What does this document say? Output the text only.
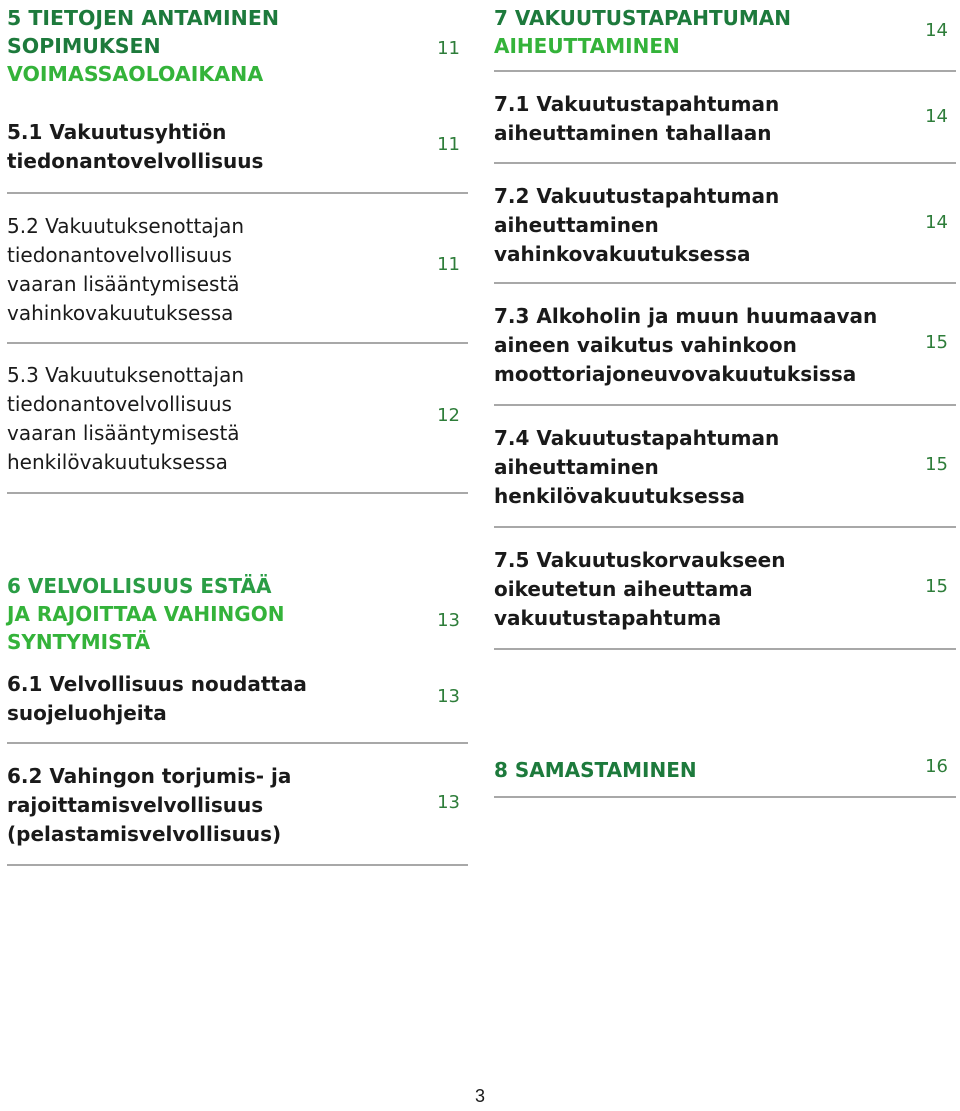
5 TIETOJEN ANTAMINEN
SOPIMUKSEN
VOIMASSAOLOAIKANA
11
5.1 Vakuutusyhtiön
tiedonantovelvollisuus
11
5.2 Vakuutuksenottajan
tiedonantovelvollisuus
vaaran lisääntymisestä
vahinkovakuutuksessa
11
5.3 Vakuutuksenottajan
tiedonantovelvollisuus
vaaran lisääntymisestä
henkilövakuutuksessa
12
6 VELVOLLISUUS ESTÄÄ
JA RAJOITTAA VAHINGON
SYNTYMISTÄ
13
6.1 Velvollisuus noudattaa
suojeluohjeita
13
6.2 Vahingon torjumis- ja
rajoittamisvelvollisuus
(pelastamisvelvollisuus)
13
7 VAKUUTUSTAPAHTUMAN
AIHEUTTAMINEN
14
7.1 Vakuutustapahtuman
aiheuttaminen tahallaan
14
7.2 Vakuutustapahtuman
aiheuttaminen
vahinkovakuutuksessa
14
7.3 Alkoholin ja muun huumaavan
aineen vaikutus vahinkoon
moottoriajoneuvovakuutuksissa
15
7.4 Vakuutustapahtuman
aiheuttaminen
henkilövakuutuksessa
15
7.5 Vakuutuskorvaukseen
oikeutetun aiheuttama
vakuutustapahtuma
15
8 SAMASTAMINEN	16
3
